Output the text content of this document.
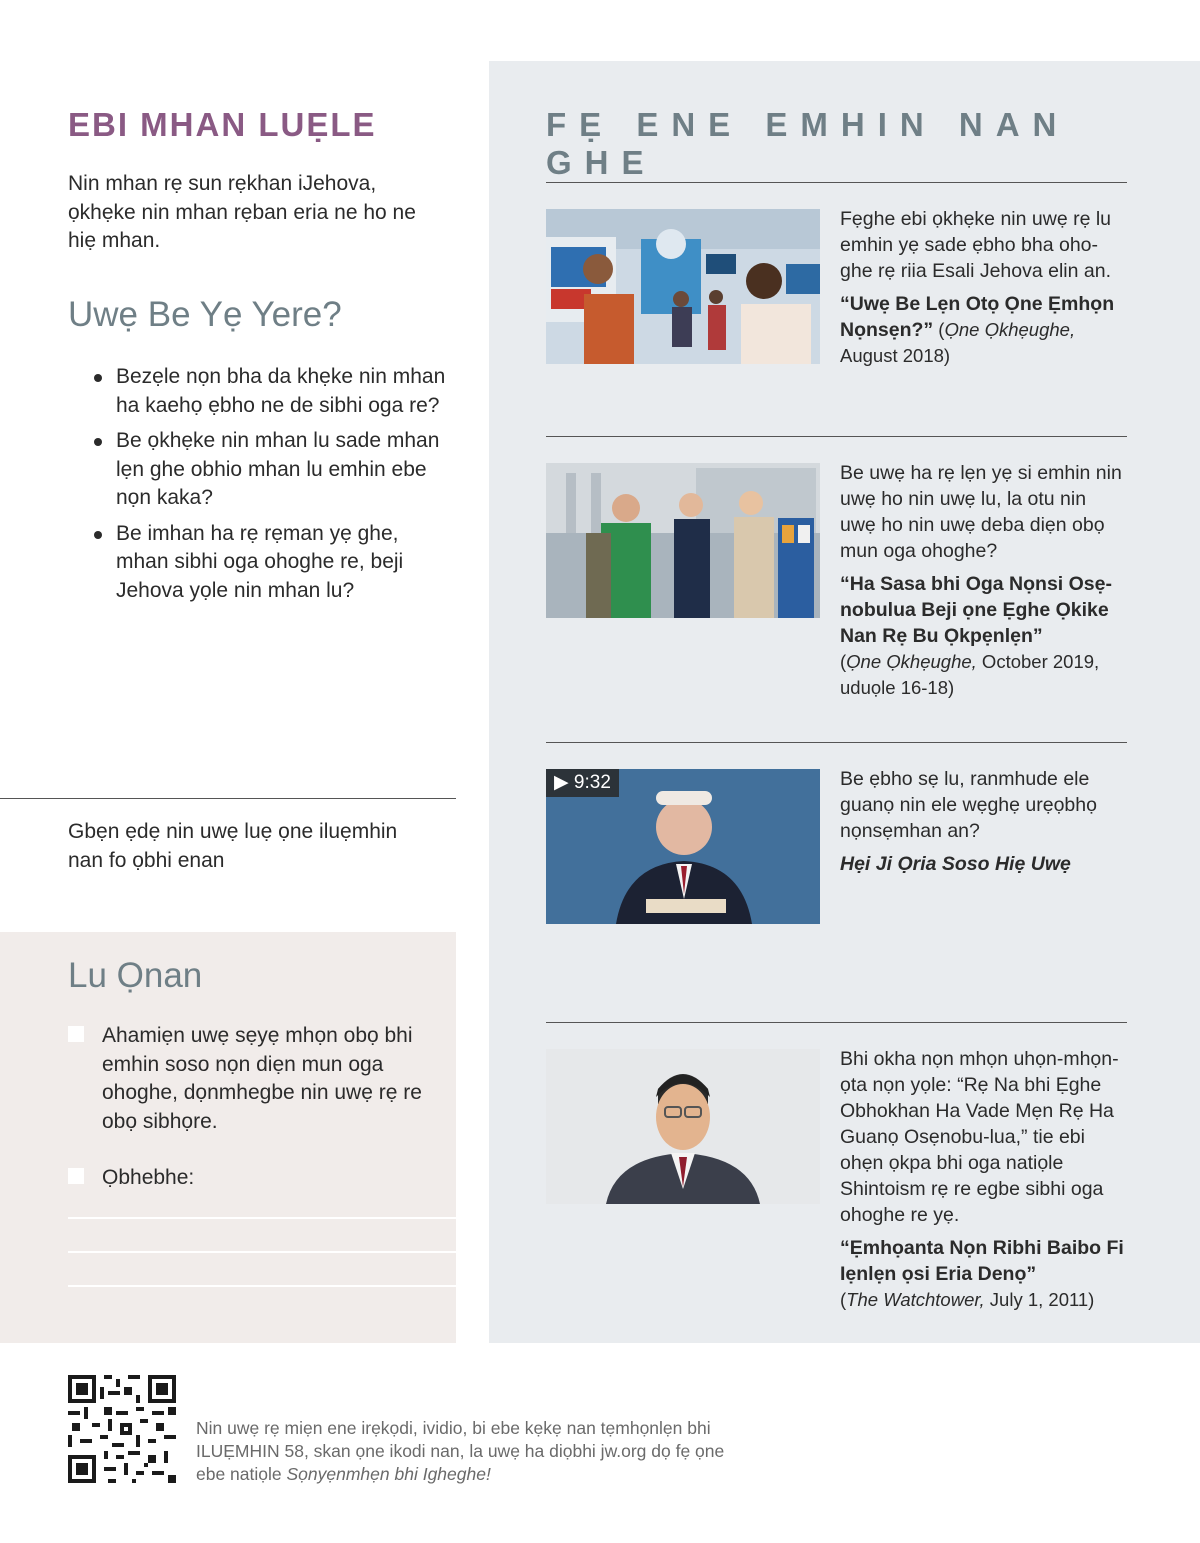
EBI MHAN LUẸLE
Nin mhan rẹ sun rẹkhan iJehova, ọkhẹke nin mhan rẹban eria ne ho ne hiẹ mhan.
Uwẹ Be Yẹ Yere?
Bezẹle nọn bha da khẹke nin mhan ha kaehọ ẹbho ne de sibhi oga re?
Be ọkhẹke nin mhan lu sade mhan lẹn ghe obhio mhan lu emhin ebe nọn kaka?
Be imhan ha rẹ rẹman yẹ ghe, mhan sibhi oga ohoghe re, beji Jehova yọle nin mhan lu?
Gbẹn ẹdẹ nin uwẹ luẹ ọne iluẹmhin nan fo ọbhi enan
Lu Ọnan
Ahamiẹn uwẹ sẹyẹ mhọn obọ bhi emhin soso nọn diẹn mun oga ohoghe, dọnmhegbe nin uwẹ rẹ re obọ sibhọre.
Ọbhebhe:
FẸ ENE EMHIN NAN GHE
Fẹghe ebi ọkhẹke nin uwẹ rẹ lu emhin yẹ sade ẹbho bha oho-ghe rẹ riia Esali Jehova elin an.
“Uwẹ Be Lẹn Otọ Ọne Ẹmhọn Nọnsẹn?” (Ọne Ọkhẹughe,
August 2018)
Be uwẹ ha rẹ lẹn yẹ si emhin nin uwẹ ho nin uwẹ lu, la otu nin uwẹ ho nin uwẹ deba diẹn obọ mun oga ohoghe?
“Ha Sasa bhi Oga Nọnsi Osẹ-nobulua Beji ọne Ẹghe Ọkike Nan Rẹ Bu Ọkpẹnlẹn”
(Ọne Ọkhẹughe, October 2019, uduọle 16-18)
▶ 9:32	Be ẹbho sẹ lu, ranmhude ele guanọ nin ele wẹghẹ urẹọbhọ nọnsẹmhan an?
Hẹi Ji Ọria Soso Hiẹ Uwẹ
Bhi okha nọn mhọn uhọn-mhọn-ọta nọn yọle: “Rẹ Na bhi Ẹghe Obhokhan Ha Vade Mẹn Rẹ Ha Guanọ Osẹnobu-lua,” tie ebi ohẹn ọkpa bhi oga natiọle Shintoism rẹ re egbe sibhi oga ohoghe re yẹ.
“Ẹmhọanta Nọn Ribhi Baibo Fi Iẹnlẹn ọsi Eria Denọ”
(The Watchtower, July 1, 2011)
Nin uwẹ rẹ miẹn ene irẹkọdi, ividio, bi ebe kẹkẹ nan tẹmhọnlẹn bhi ILUẸMHIN 58, skan ọne ikodi nan, la uwẹ ha diọbhi jw.org dọ fẹ ọne ebe natiọle Sọnyẹnmhẹn bhi Igheghe!
